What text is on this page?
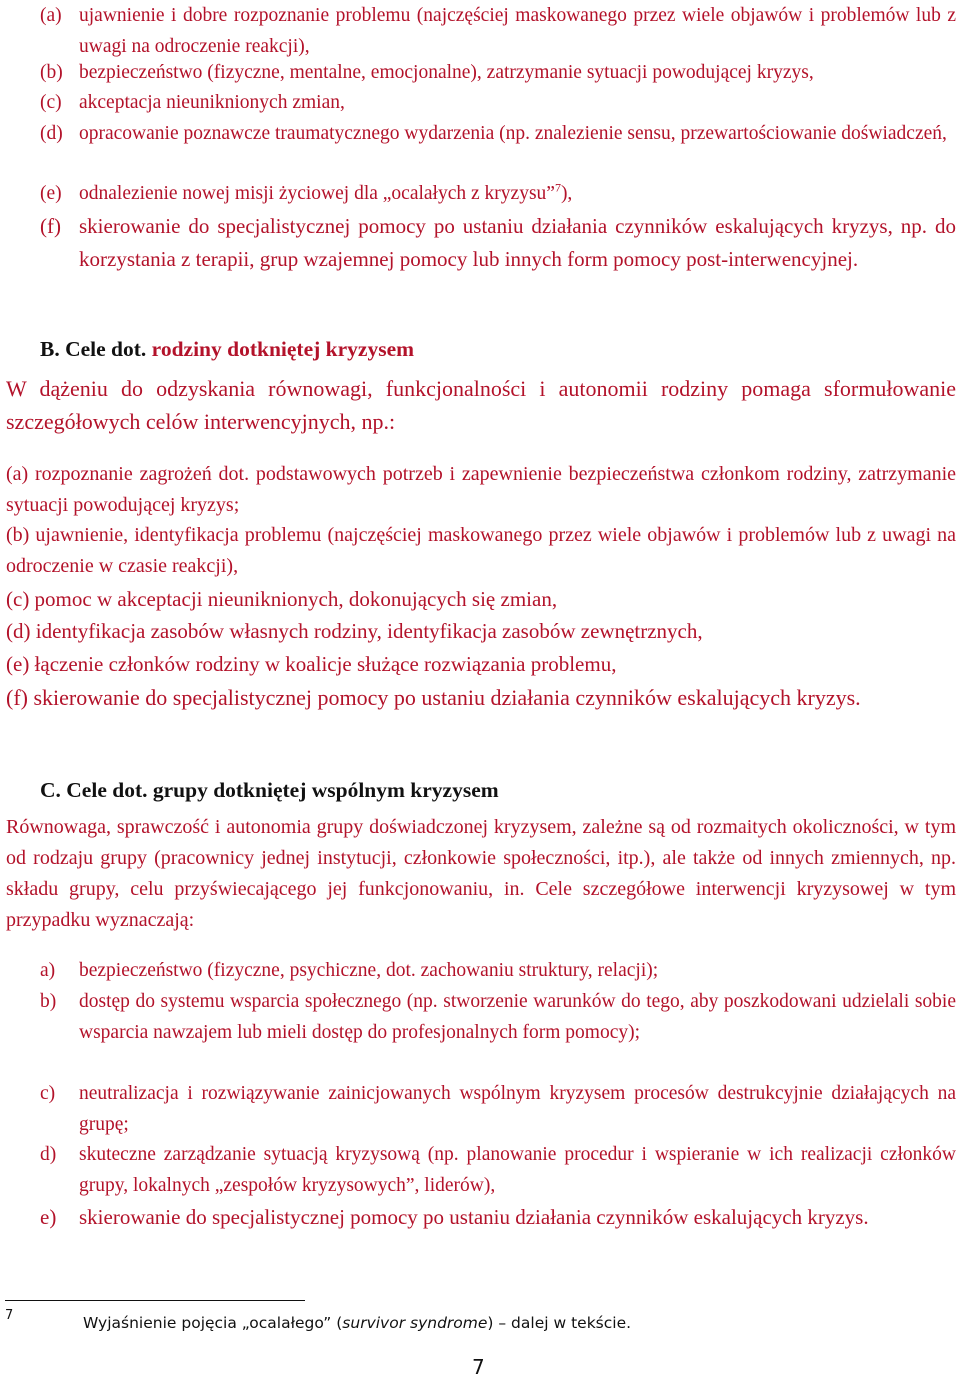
(a) ujawnienie i dobre rozpoznanie problemu (najczęściej maskowanego przez wiele objawów i problemów lub z uwagi na odroczenie reakcji),
(b) bezpieczeństwo (fizyczne, mentalne, emocjonalne), zatrzymanie sytuacji powodującej kryzys,
(c) akceptacja nieuniknionych zmian,
(d) opracowanie poznawcze traumatycznego wydarzenia (np. znalezienie sensu, przewartościowanie doświadczeń,
(e) odnalezienie nowej misji życiowej dla „ocalałych z kryzysu”$^7$),
(f) skierowanie do specjalistycznej pomocy po ustaniu działania czynników eskalujących kryzys, np. do korzystania z terapii, grup wzajemnej pomocy lub innych form pomocy post-interwencyjnej.
B. Cele dot. rodziny dotkniętej kryzysem
W dążeniu do odzyskania równowagi, funkcjonalności i autonomii rodziny pomaga sformułowanie szczegółowych celów interwencyjnych, np.:
(a) rozpoznanie zagrożeń dot. podstawowych potrzeb i zapewnienie bezpieczeństwa członkom rodziny, zatrzymanie sytuacji powodującej kryzys;
(b) ujawnienie, identyfikacja problemu (najczęściej maskowanego przez wiele objawów i problemów lub z uwagi na odroczenie w czasie reakcji),
(c) pomoc w akceptacji nieuniknionych, dokonujących się zmian,
(d) identyfikacja zasobów własnych rodziny, identyfikacja zasobów zewnętrznych,
(e) łączenie członków rodziny w koalicje służące rozwiązania problemu,
(f) skierowanie do specjalistycznej pomocy po ustaniu działania czynników eskalujących kryzys.
C. Cele dot. grupy dotkniętej wspólnym kryzysem
Równowaga, sprawczość i autonomia grupy doświadczonej kryzysem, zależne są od rozmaitych okoliczności, w tym od rodzaju grupy (pracownicy jednej instytucji, członkowie społeczności, itp.), ale także od innych zmiennych, np. składu grupy, celu przyświecającego jej funkcjonowaniu, in. Cele szczegółowe interwencji kryzysowej w tym przypadku wyznaczają:
a) bezpieczeństwo (fizyczne, psychiczne, dot. zachowaniu struktury, relacji);
b) dostęp do systemu wsparcia społecznego (np. stworzenie warunków do tego, aby poszkodowani udzielali sobie wsparcia nawzajem lub mieli dostęp do profesjonalnych form pomocy);
c) neutralizacja i rozwiązywanie zainicjowanych wspólnym kryzysem procesów destrukcyjnie działających na grupę;
d) skuteczne zarządzanie sytuacją kryzysową (np. planowanie procedur i wspieranie w ich realizacji członków grupy, lokalnych „zespołów kryzysowych”, liderów),
e) skierowanie do specjalistycznej pomocy po ustaniu działania czynników eskalujących kryzys.
7	Wyjaśnienie pojęcia „ocalałego” (survivor syndrome) – dalej w tekście.
7
